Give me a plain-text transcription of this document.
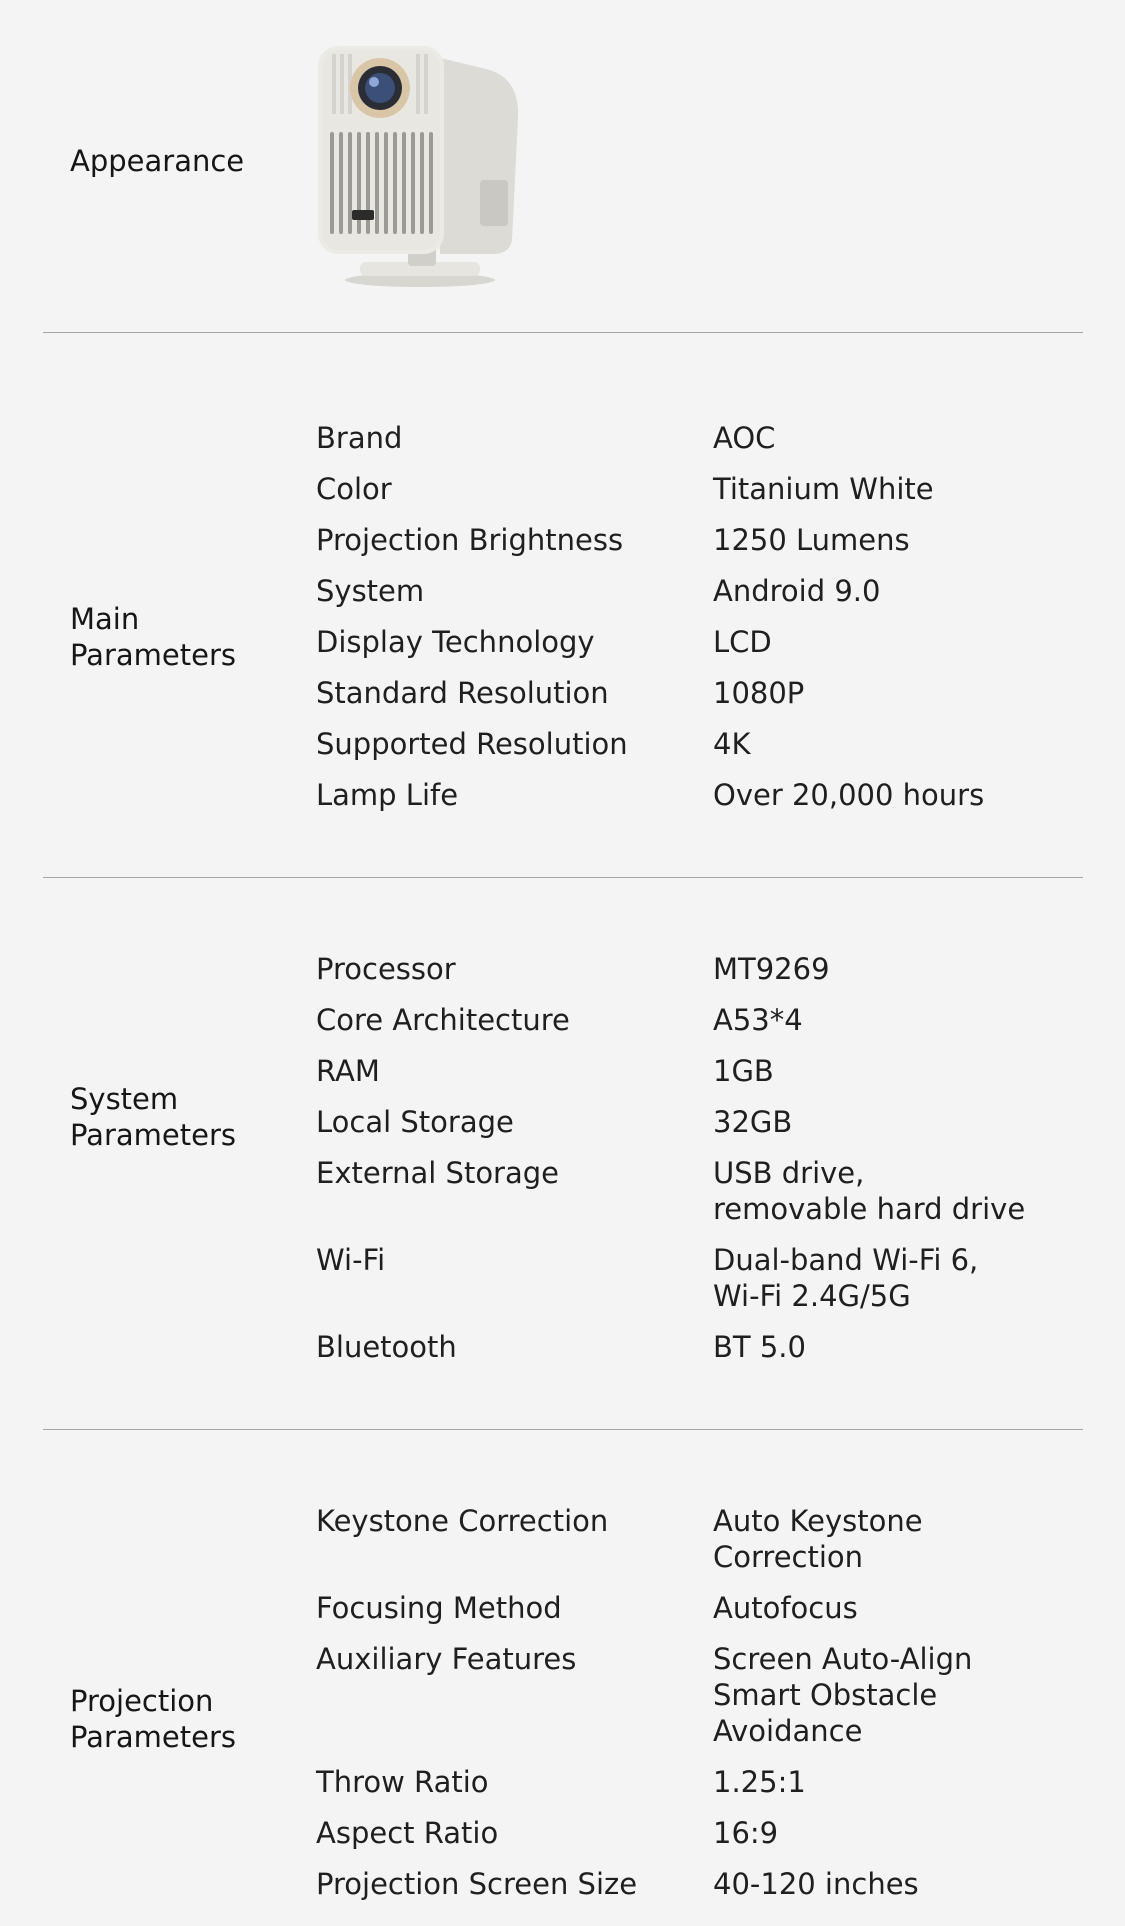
Appearance
Main
Parameters
Brand	AOC
Color	Titanium White
Projection Brightness	1250 Lumens
System	Android 9.0
Display Technology	LCD
Standard Resolution	1080P
Supported Resolution	4K
Lamp Life	Over 20,000 hours
System
Parameters
Processor	MT9269
Core Architecture	A53*4
RAM	1GB
Local Storage	32GB
External Storage	USB drive,
removable hard drive
Wi-Fi	Dual-band Wi-Fi 6,
Wi-Fi 2.4G/5G
Bluetooth	BT 5.0
Projection
Parameters
Keystone Correction	Auto Keystone
Correction
Focusing Method	Autofocus
Auxiliary Features	Screen Auto-Align
Smart Obstacle
Avoidance
Throw Ratio	1.25:1
Aspect Ratio	16:9
Projection Screen Size	40-120 inches
